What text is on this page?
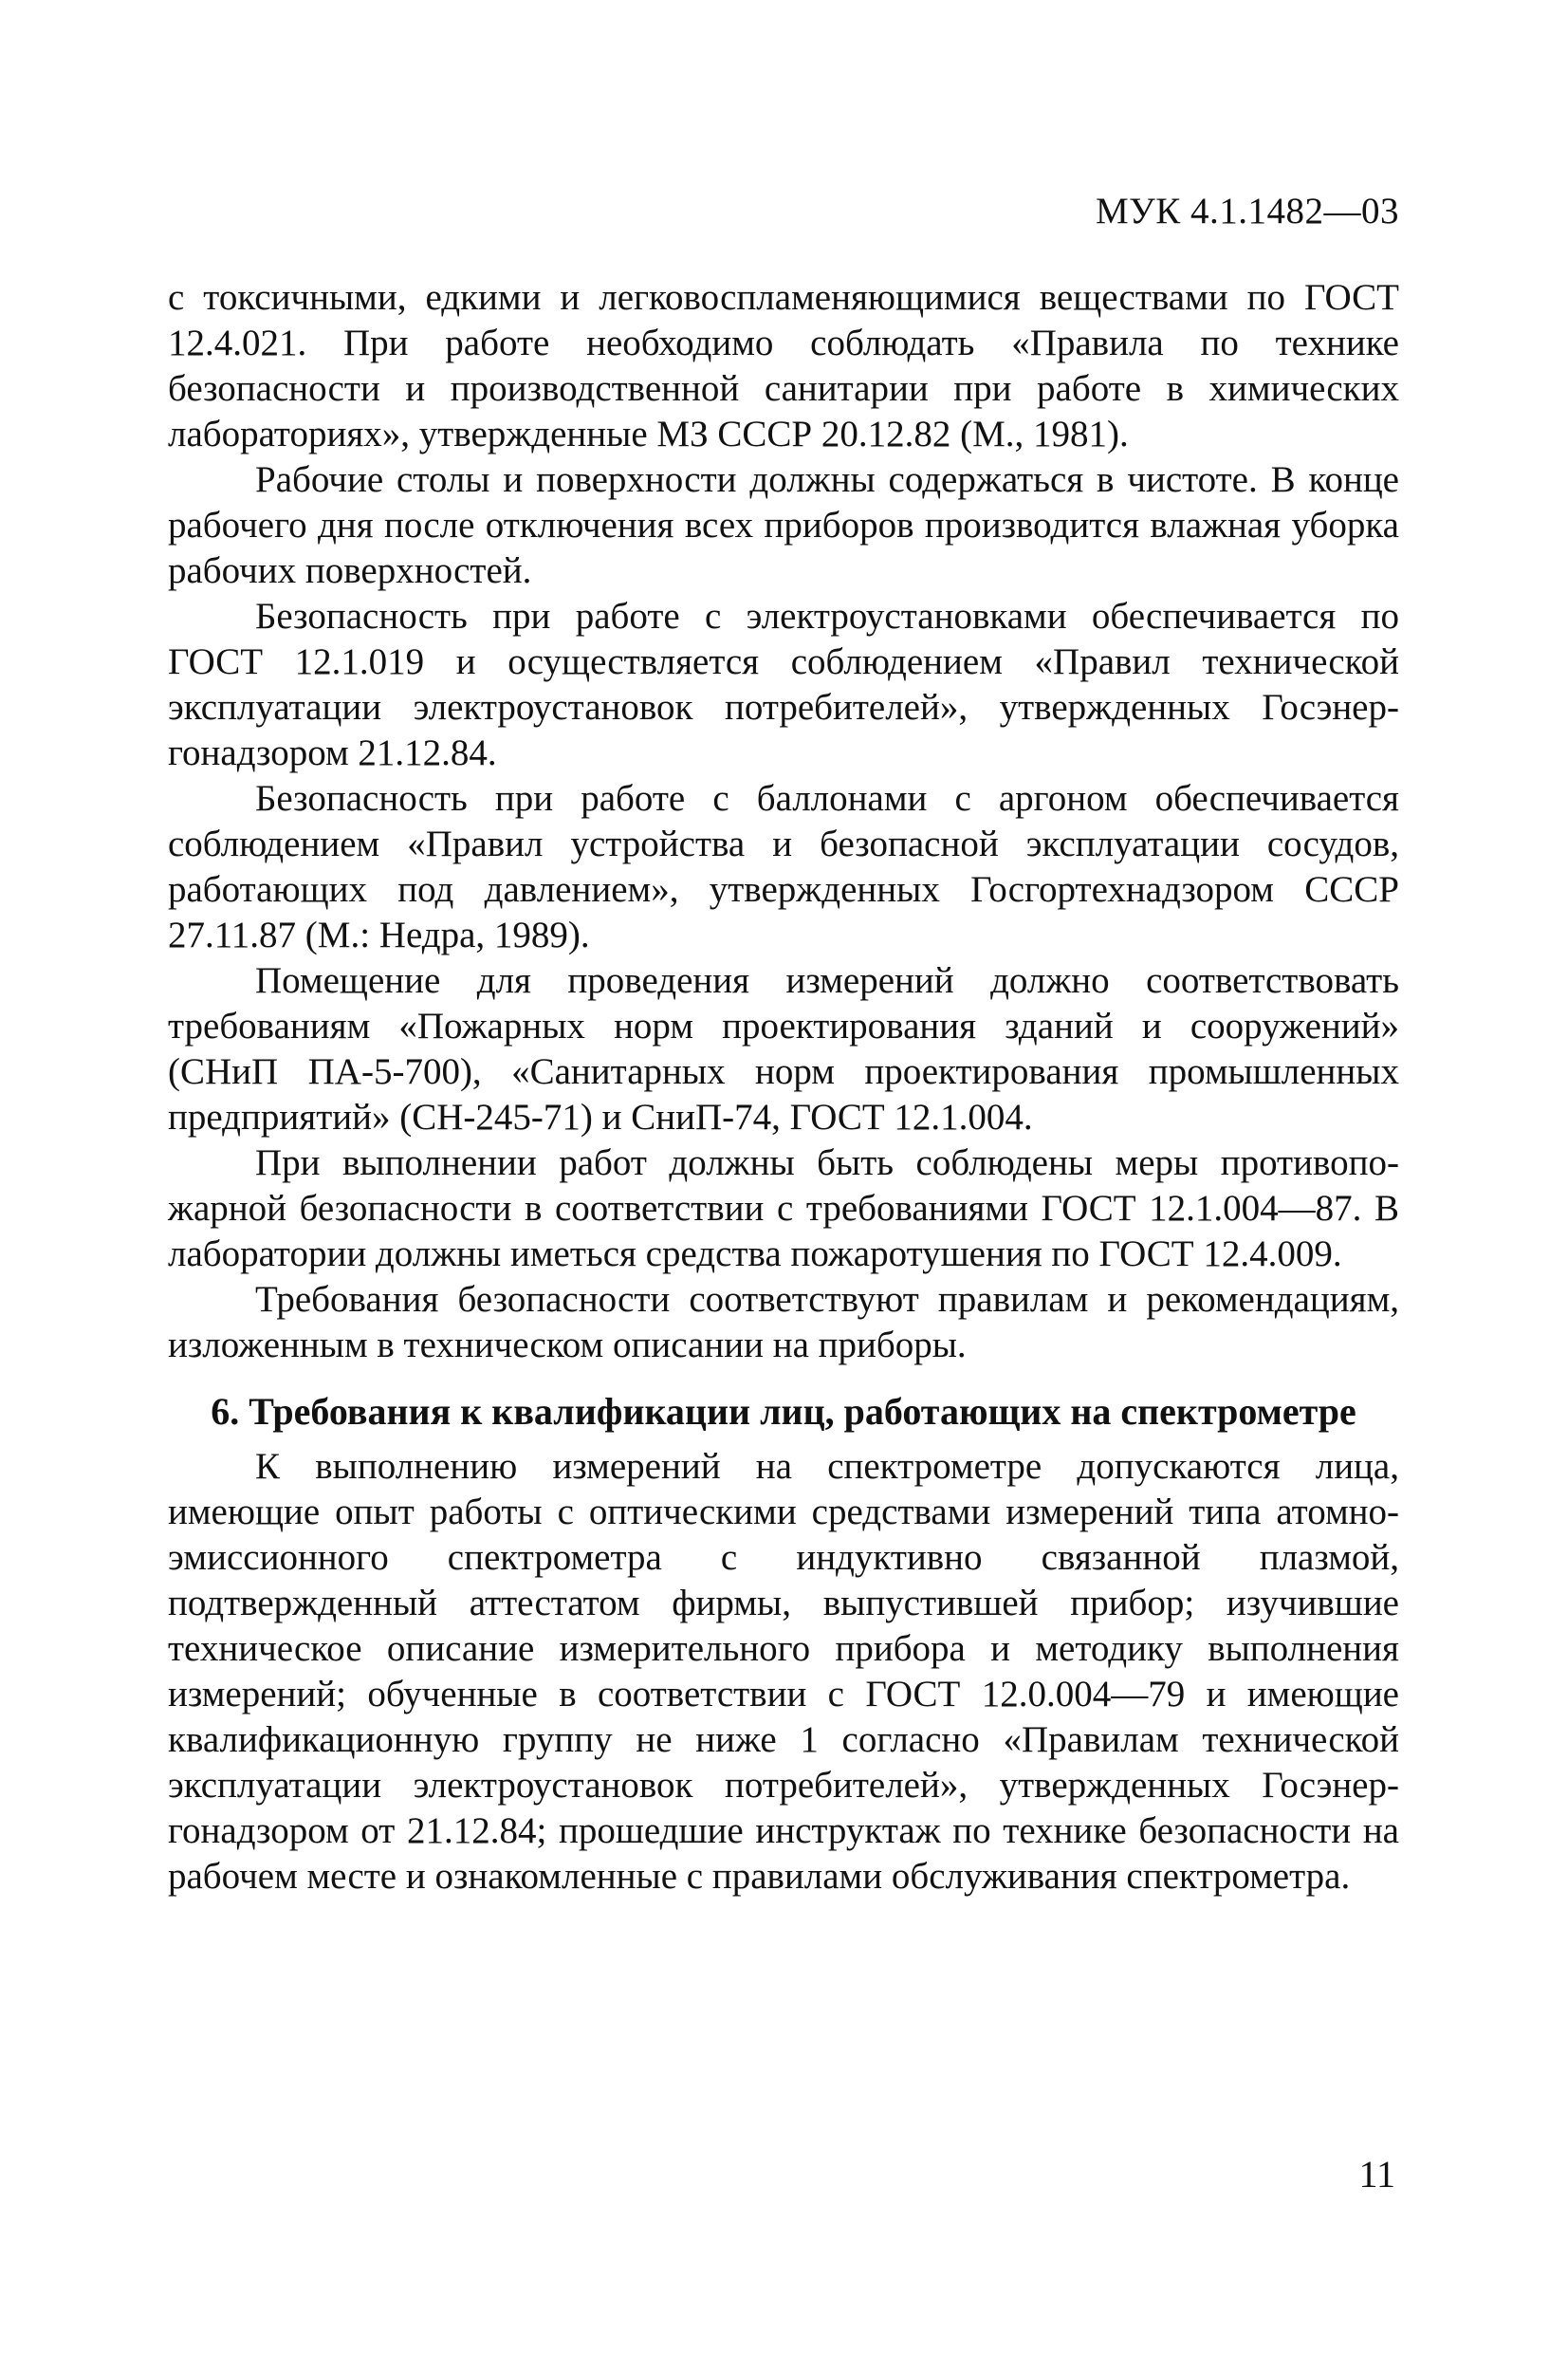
МУК 4.1.1482—03

с токсичными, едкими и легковоспламеняющимися веществами по ГОСТ 12.4.021. При работе необходимо соблюдать «Правила по технике безопасности и производственной санитарии при работе в химических лабораториях», утвержденные МЗ СССР 20.12.82 (М., 1981).

Рабочие столы и поверхности должны содержаться в чистоте. В конце рабочего дня после отключения всех приборов производится влажная уборка рабочих поверхностей.

Безопасность при работе с электроустановками обеспечивается по ГОСТ 12.1.019 и осуществляется соблюдением «Правил технической эксплуатации электроустановок потребителей», утвержденных Госэнергонадзором 21.12.84.

Безопасность при работе с баллонами с аргоном обеспечивается соблюдением «Правил устройства и безопасной эксплуатации сосудов, работающих под давлением», утвержденных Госгортехнадзором СССР 27.11.87 (М.: Недра, 1989).

Помещение для проведения измерений должно соответствовать требованиям «Пожарных норм проектирования зданий и сооружений» (СНиП ПА-5-700), «Санитарных норм проектирования промышленных предприятий» (СН-245-71) и СниП-74, ГОСТ 12.1.004.

При выполнении работ должны быть соблюдены меры противопожарной безопасности в соответствии с требованиями ГОСТ 12.1.004—87. В лаборатории должны иметься средства пожаротушения по ГОСТ 12.4.009.

Требования безопасности соответствуют правилам и рекомендациям, изложенным в техническом описании на приборы.

6. Требования к квалификации лиц, работающих на спектрометре

К выполнению измерений на спектрометре допускаются лица, имеющие опыт работы с оптическими средствами измерений типа атомно-эмиссионного спектрометра с индуктивно связанной плазмой, подтвержденный аттестатом фирмы, выпустившей прибор; изучившие техническое описание измерительного прибора и методику выполнения измерений; обученные в соответствии с ГОСТ 12.0.004—79 и имеющие квалификационную группу не ниже 1 согласно «Правилам технической эксплуатации электроустановок потребителей», утвержденных Госэнергонадзором от 21.12.84; прошедшие инструктаж по технике безопасности на рабочем месте и ознакомленные с правилами обслуживания спектрометра.

11
